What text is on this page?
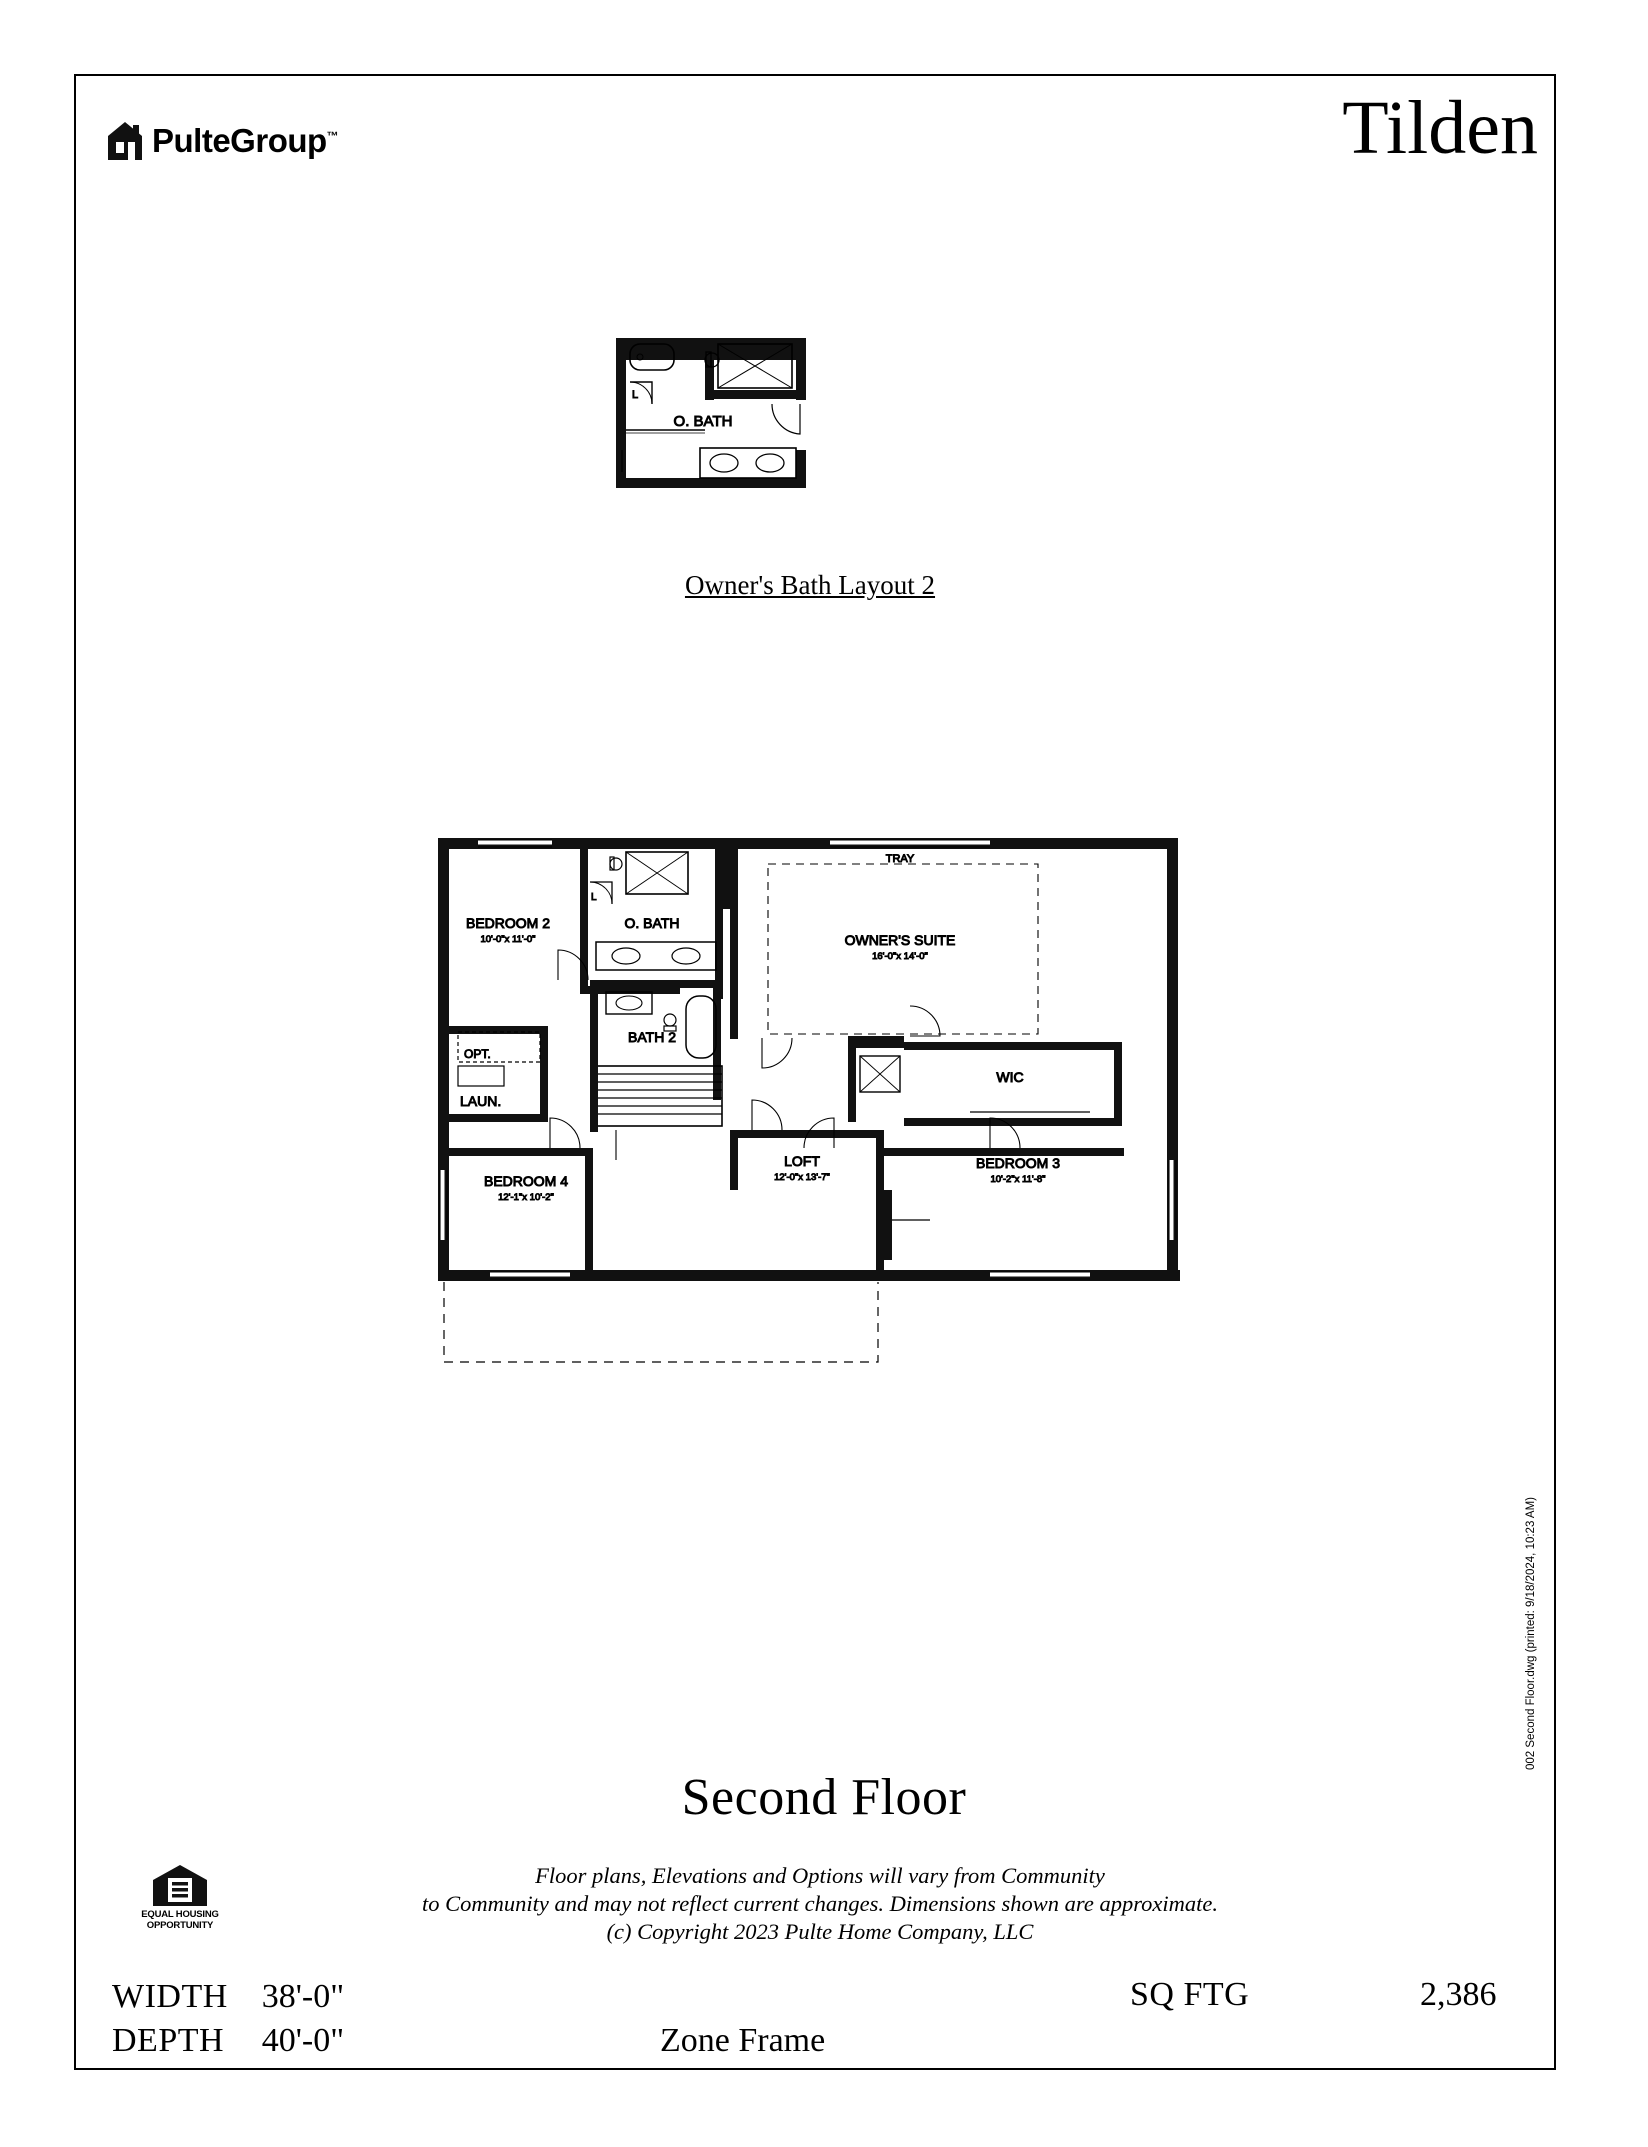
PulteGroup™	Tilden
L
O. BATH
Owner's Bath Layout 2
L
BEDROOM 2
10'-0"x 11'-0"
O. BATH
TRAY
OWNER'S SUITE
16'-0"x 14'-0"
BATH 2
OPT.
LAUN.
WIC
LOFT
12'-0"x 13'-7"
BEDROOM 4
12'-1"x 10'-2"
BEDROOM 3
10'-2"x 11'-8"
Second Floor
EQUAL HOUSING
OPPORTUNITY
Floor plans, Elevations and Options will vary from Community
to Community and may not reflect current changes. Dimensions shown are approximate.
(c) Copyright 2023 Pulte Home Company, LLC
WIDTH	38'-0"
DEPTH	40'-0"	Zone Frame
SQ FTG	2,386
002 Second Floor.dwg (printed: 9/18/2024, 10:23 AM)
